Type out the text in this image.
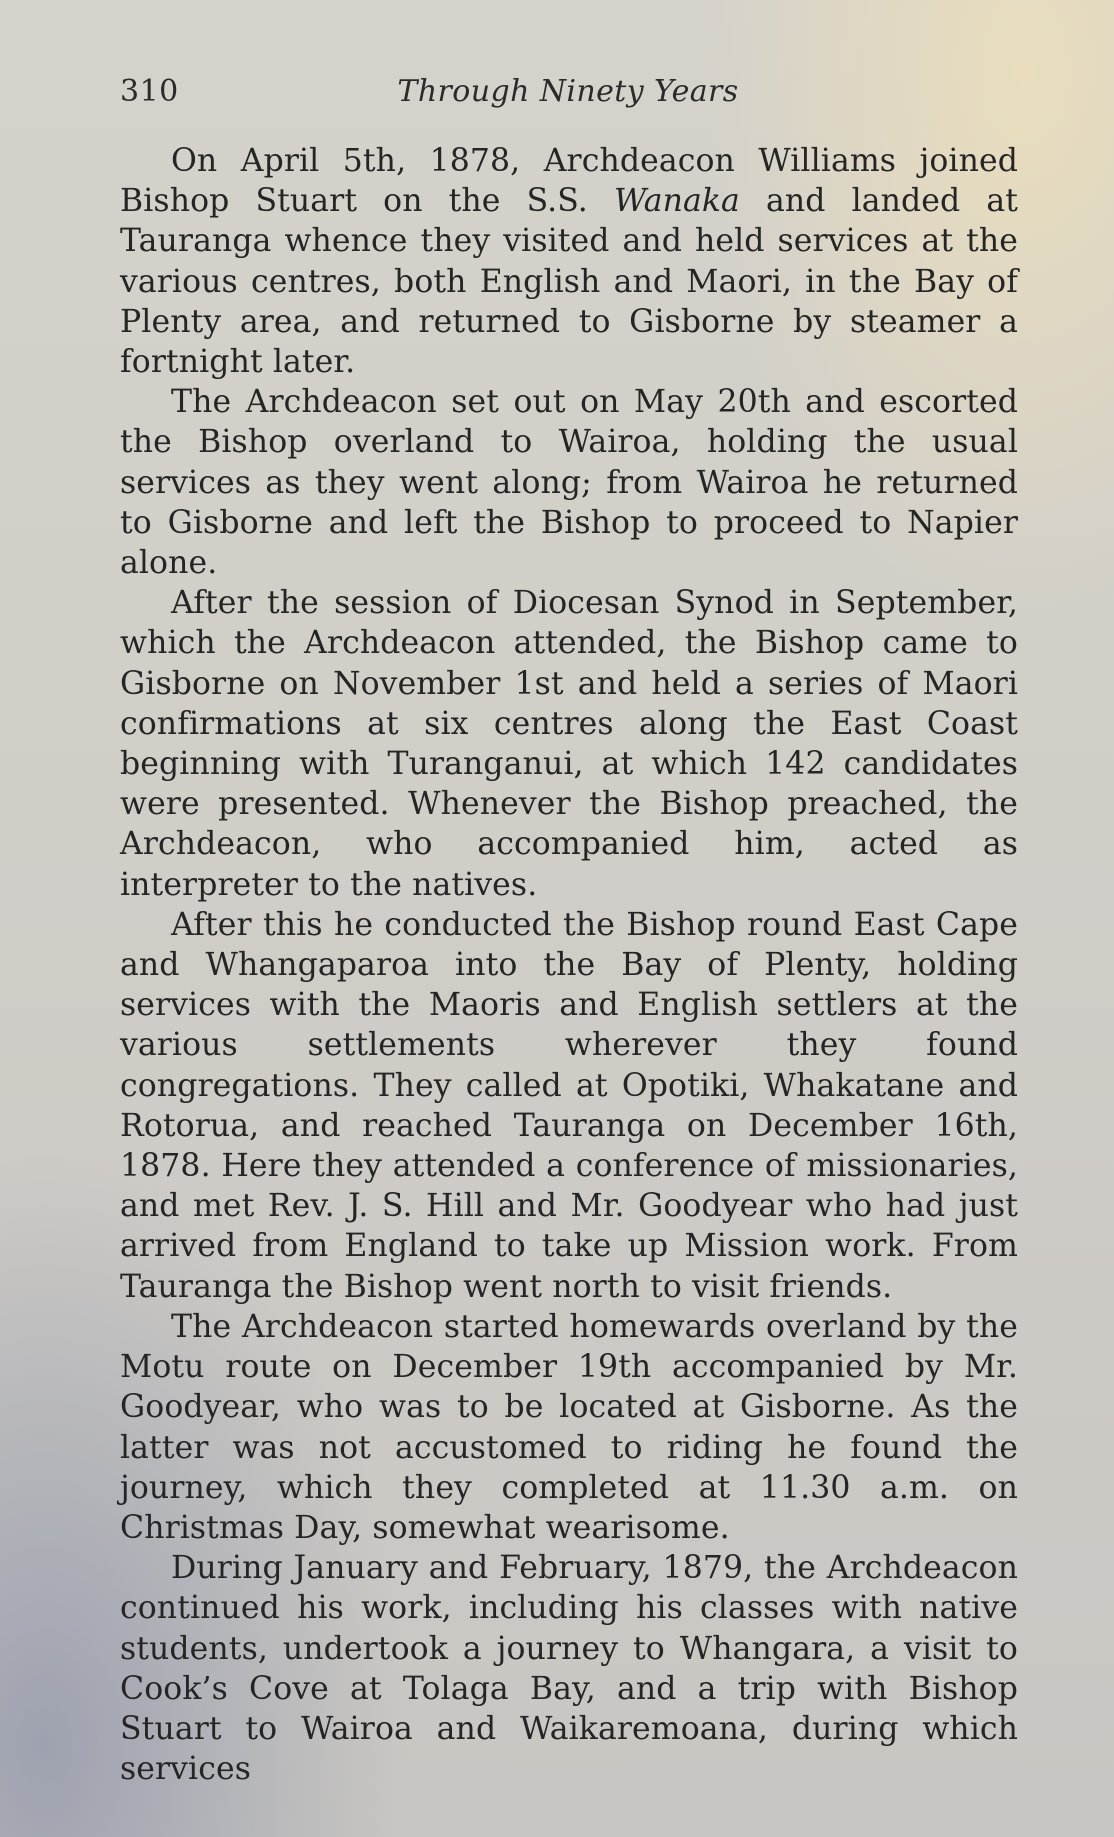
310	Through Ninety Years

On April 5th, 1878, Archdeacon Williams joined Bishop Stuart on the S.S. Wanaka and landed at Tauranga whence they visited and held services at the various centres, both English and Maori, in the Bay of Plenty area, and returned to Gisborne by steamer a fortnight later.

The Archdeacon set out on May 20th and escorted the Bishop overland to Wairoa, holding the usual services as they went along; from Wairoa he returned to Gisborne and left the Bishop to proceed to Napier alone.

After the session of Diocesan Synod in September, which the Archdeacon attended, the Bishop came to Gisborne on November 1st and held a series of Maori confirmations at six centres along the East Coast beginning with Turanganui, at which 142 candidates were presented. Whenever the Bishop preached, the Archdeacon, who accompanied him, acted as interpreter to the natives.

After this he conducted the Bishop round East Cape and Whangaparoa into the Bay of Plenty, holding services with the Maoris and English settlers at the various settlements wherever they found congregations. They called at Opotiki, Whakatane and Rotorua, and reached Tauranga on December 16th, 1878. Here they attended a conference of missionaries, and met Rev. J. S. Hill and Mr. Goodyear who had just arrived from England to take up Mission work. From Tauranga the Bishop went north to visit friends.

The Archdeacon started homewards overland by the Motu route on December 19th accompanied by Mr. Goodyear, who was to be located at Gisborne. As the latter was not accustomed to riding he found the journey, which they completed at 11.30 a.m. on Christmas Day, somewhat wearisome.

During January and February, 1879, the Archdeacon continued his work, including his classes with native students, undertook a journey to Whangara, a visit to Cook’s Cove at Tolaga Bay, and a trip with Bishop Stuart to Wairoa and Waikaremoana, during which services
